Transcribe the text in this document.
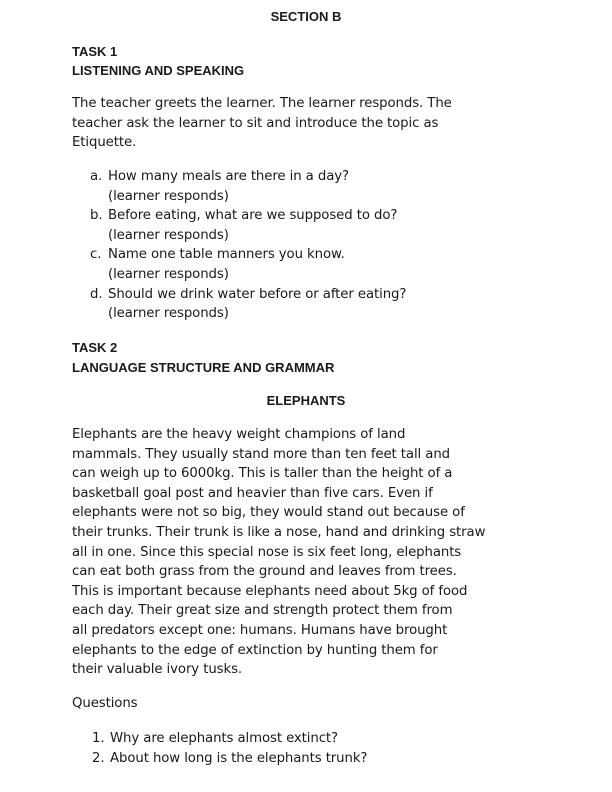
SECTION B
TASK 1
LISTENING AND SPEAKING
The teacher greets the learner. The learner responds. The
teacher ask the learner to sit and introduce the topic as
Etiquette.
a. How many meals are there in a day?
(learner responds)
b. Before eating, what are we supposed to do?
(learner responds)
c. Name one table manners you know.
(learner responds)
d. Should we drink water before or after eating?
(learner responds)
TASK 2
LANGUAGE STRUCTURE AND GRAMMAR
ELEPHANTS
Elephants are the heavy weight champions of land
mammals. They usually stand more than ten feet tall and
can weigh up to 6000kg. This is taller than the height of a
basketball goal post and heavier than five cars. Even if
elephants were not so big, they would stand out because of
their trunks. Their trunk is like a nose, hand and drinking straw
all in one. Since this special nose is six feet long, elephants
can eat both grass from the ground and leaves from trees.
This is important because elephants need about 5kg of food
each day. Their great size and strength protect them from
all predators except one: humans. Humans have brought
elephants to the edge of extinction by hunting them for
their valuable ivory tusks.
Questions
1. Why are elephants almost extinct?
2. About how long is the elephants trunk?
